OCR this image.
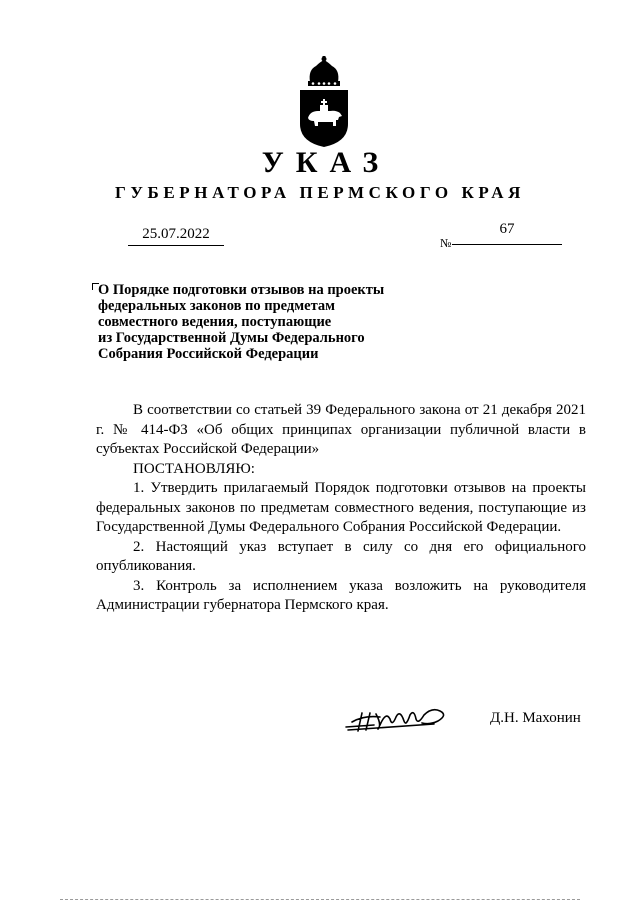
УКАЗ
ГУБЕРНАТОРА ПЕРМСКОГО КРАЯ
25.07.2022
№
67
О Порядке подготовки отзывов на проекты
федеральных законов по предметам
совместного ведения, поступающие
из Государственной Думы Федерального
Собрания Российской Федерации

В соответствии со статьей 39 Федерального закона от 21 декабря 2021 г. № 414-ФЗ «Об общих принципах организации публичной власти в субъектах Российской Федерации»

ПОСТАНОВЛЯЮ:

1. Утвердить прилагаемый Порядок подготовки отзывов на проекты федеральных законов по предметам совместного ведения, поступающие из Государственной Думы Федерального Собрания Российской Федерации.

2. Настоящий указ вступает в силу со дня его официального опубликования.

3. Контроль за исполнением указа возложить на руководителя Администрации губернатора Пермского края.

Д.Н. Махонин
